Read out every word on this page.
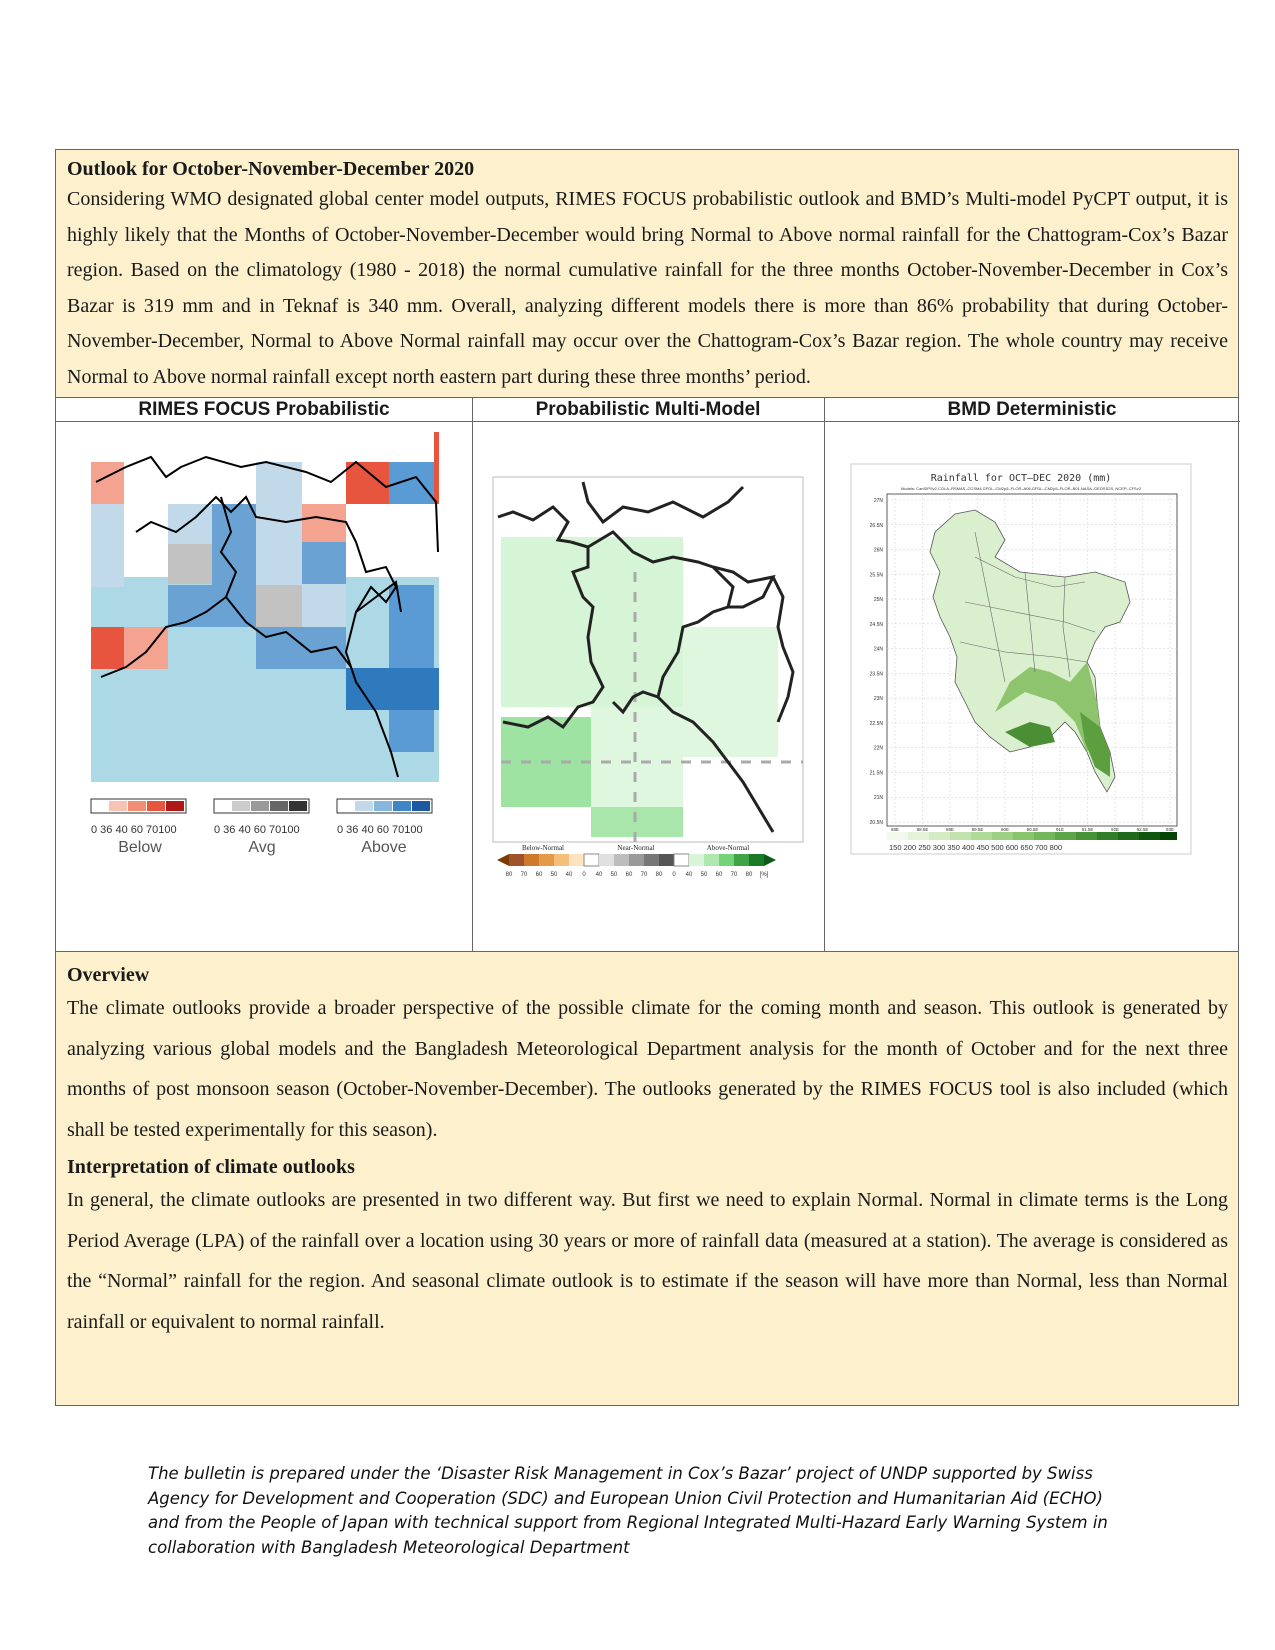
Outlook for October-November-December 2020
Considering WMO designated global center model outputs, RIMES FOCUS probabilistic outlook and BMD’s Multi-model PyCPT output, it is highly likely that the Months of October-November-December would bring Normal to Above normal rainfall for the Chattogram-Cox’s Bazar region. Based on the climatology (1980 - 2018) the normal cumulative rainfall for the three months October-November-December in Cox’s Bazar is 319 mm and in Teknaf is 340 mm. Overall, analyzing different models there is more than 86% probability that during October-November-December, Normal to Above Normal rainfall may occur over the Chattogram-Cox’s Bazar region. The whole country may receive Normal to Above normal rainfall except north eastern part during these three months’ period.
RIMES FOCUS Probabilistic	Probabilistic Multi-Model	BMD Deterministic
0 36 40 60 70100	0 36 40 60 70100	0 36 40 60 70100
Below	Avg	Above	Below-Normal	Near-Normal	Above-Normal
80 70 60 50 40 0 40 50 60 70 80 0 40 50 60 70 80 [%]
Rainfall for OCT–DEC 2020 (mm)
Models: CanSIPSv2,COLA–RSMAS–CCSM4,GFDL–CM2p5–FLOR–A06,GFDL–CM2p5–FLOR–B01,NASA–GEOSS2S, NCEP–CFSv2
27N
26.5N
26N
25.5N
25N
24.5N
24N
23.5N
23N
22.5N
22N
21.5N
21N
20.5N
88E	88.5E	89E	89.5E	90E	90.5E	91E	91.5E	92E	92.5E	93E
150 200 250 300 350 400 450 500 600 650 700 800
Overview
The climate outlooks provide a broader perspective of the possible climate for the coming month and season. This outlook is generated by analyzing various global models and the Bangladesh Meteorological Department analysis for the month of October and for the next three months of post monsoon season (October-November-December). The outlooks generated by the RIMES FOCUS tool is also included (which shall be tested experimentally for this season).
Interpretation of climate outlooks
In general, the climate outlooks are presented in two different way. But first we need to explain Normal. Normal in climate terms is the Long Period Average (LPA) of the rainfall over a location using 30 years or more of rainfall data (measured at a station). The average is considered as the “Normal” rainfall for the region. And seasonal climate outlook is to estimate if the season will have more than Normal, less than Normal rainfall or equivalent to normal rainfall.
The bulletin is prepared under the ‘Disaster Risk Management in Cox’s Bazar’ project of UNDP supported by Swiss Agency for Development and Cooperation (SDC) and European Union Civil Protection and Humanitarian Aid (ECHO) and from the People of Japan with technical support from Regional Integrated Multi-Hazard Early Warning System in collaboration with Bangladesh Meteorological Department
